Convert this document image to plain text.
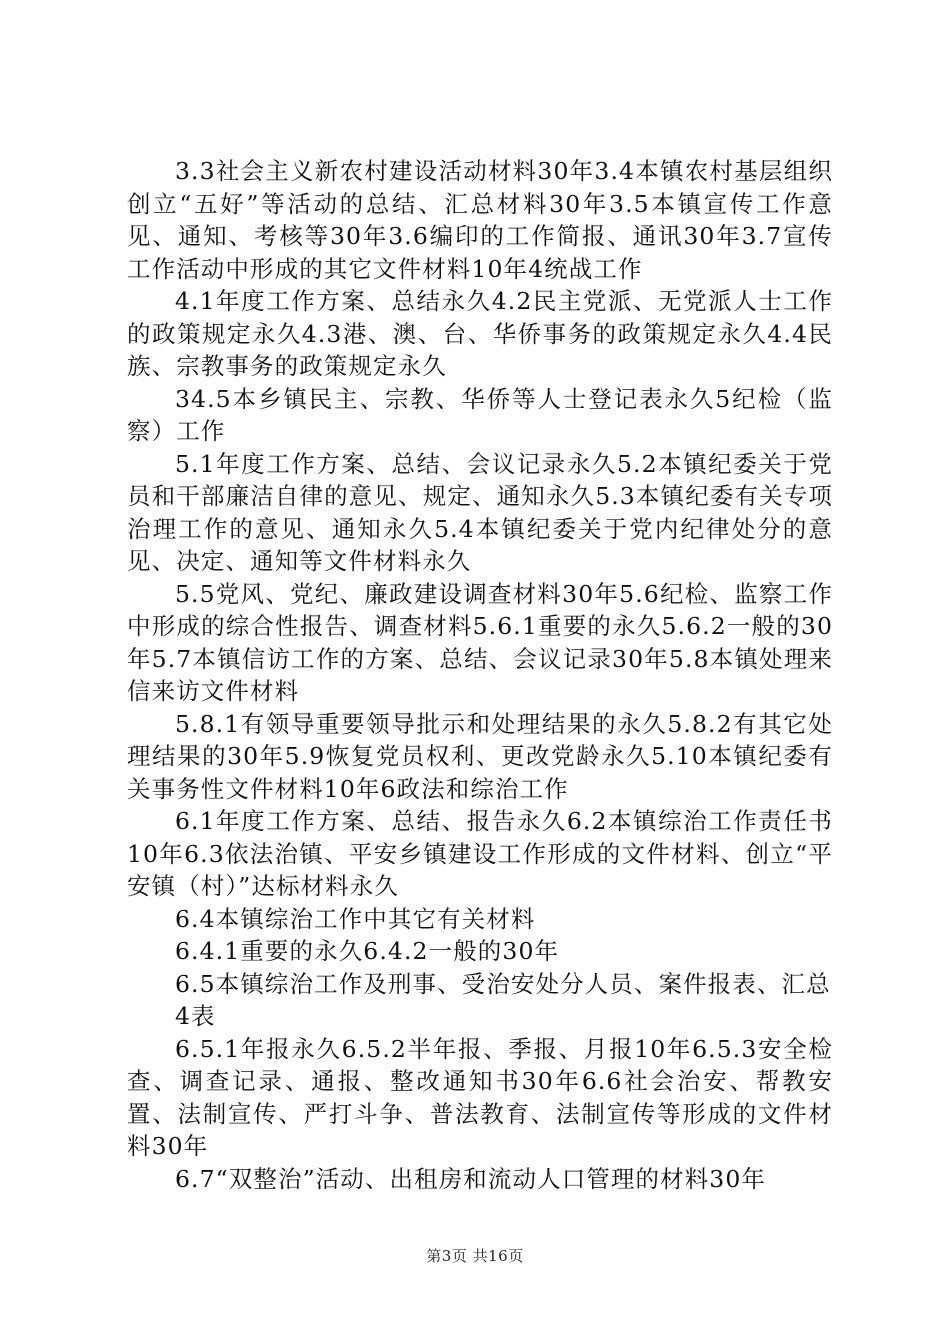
3.3社会主义新农村建设活动材料30年3.4本镇农村基层组织创立“五好”等活动的总结、汇总材料30年3.5本镇宣传工作意见、通知、考核等30年3.6编印的工作简报、通讯30年3.7宣传工作活动中形成的其它文件材料10年4统战工作

4.1年度工作方案、总结永久4.2民主党派、无党派人士工作的政策规定永久4.3港、澳、台、华侨事务的政策规定永久4.4民族、宗教事务的政策规定永久

34.5本乡镇民主、宗教、华侨等人士登记表永久5纪检（监察）工作

5.1年度工作方案、总结、会议记录永久5.2本镇纪委关于党员和干部廉洁自律的意见、规定、通知永久5.3本镇纪委有关专项治理工作的意见、通知永久5.4本镇纪委关于党内纪律处分的意见、决定、通知等文件材料永久

5.5党风、党纪、廉政建设调查材料30年5.6纪检、监察工作中形成的综合性报告、调查材料5.6.1重要的永久5.6.2一般的30年5.7本镇信访工作的方案、总结、会议记录30年5.8本镇处理来信来访文件材料

5.8.1有领导重要领导批示和处理结果的永久5.8.2有其它处理结果的30年5.9恢复党员权利、更改党龄永久5.10本镇纪委有关事务性文件材料10年6政法和综治工作

6.1年度工作方案、总结、报告永久6.2本镇综治工作责任书10年6.3依法治镇、平安乡镇建设工作形成的文件材料、创立“平安镇（村）”达标材料永久

6.4本镇综治工作中其它有关材料

6.4.1重要的永久6.4.2一般的30年

6.5本镇综治工作及刑事、受治安处分人员、案件报表、汇总

4表

6.5.1年报永久6.5.2半年报、季报、月报10年6.5.3安全检查、调查记录、通报、整改通知书30年6.6社会治安、帮教安置、法制宣传、严打斗争、普法教育、法制宣传等形成的文件材料30年

6.7“双整治”活动、出租房和流动人口管理的材料30年

第3页 共16页
